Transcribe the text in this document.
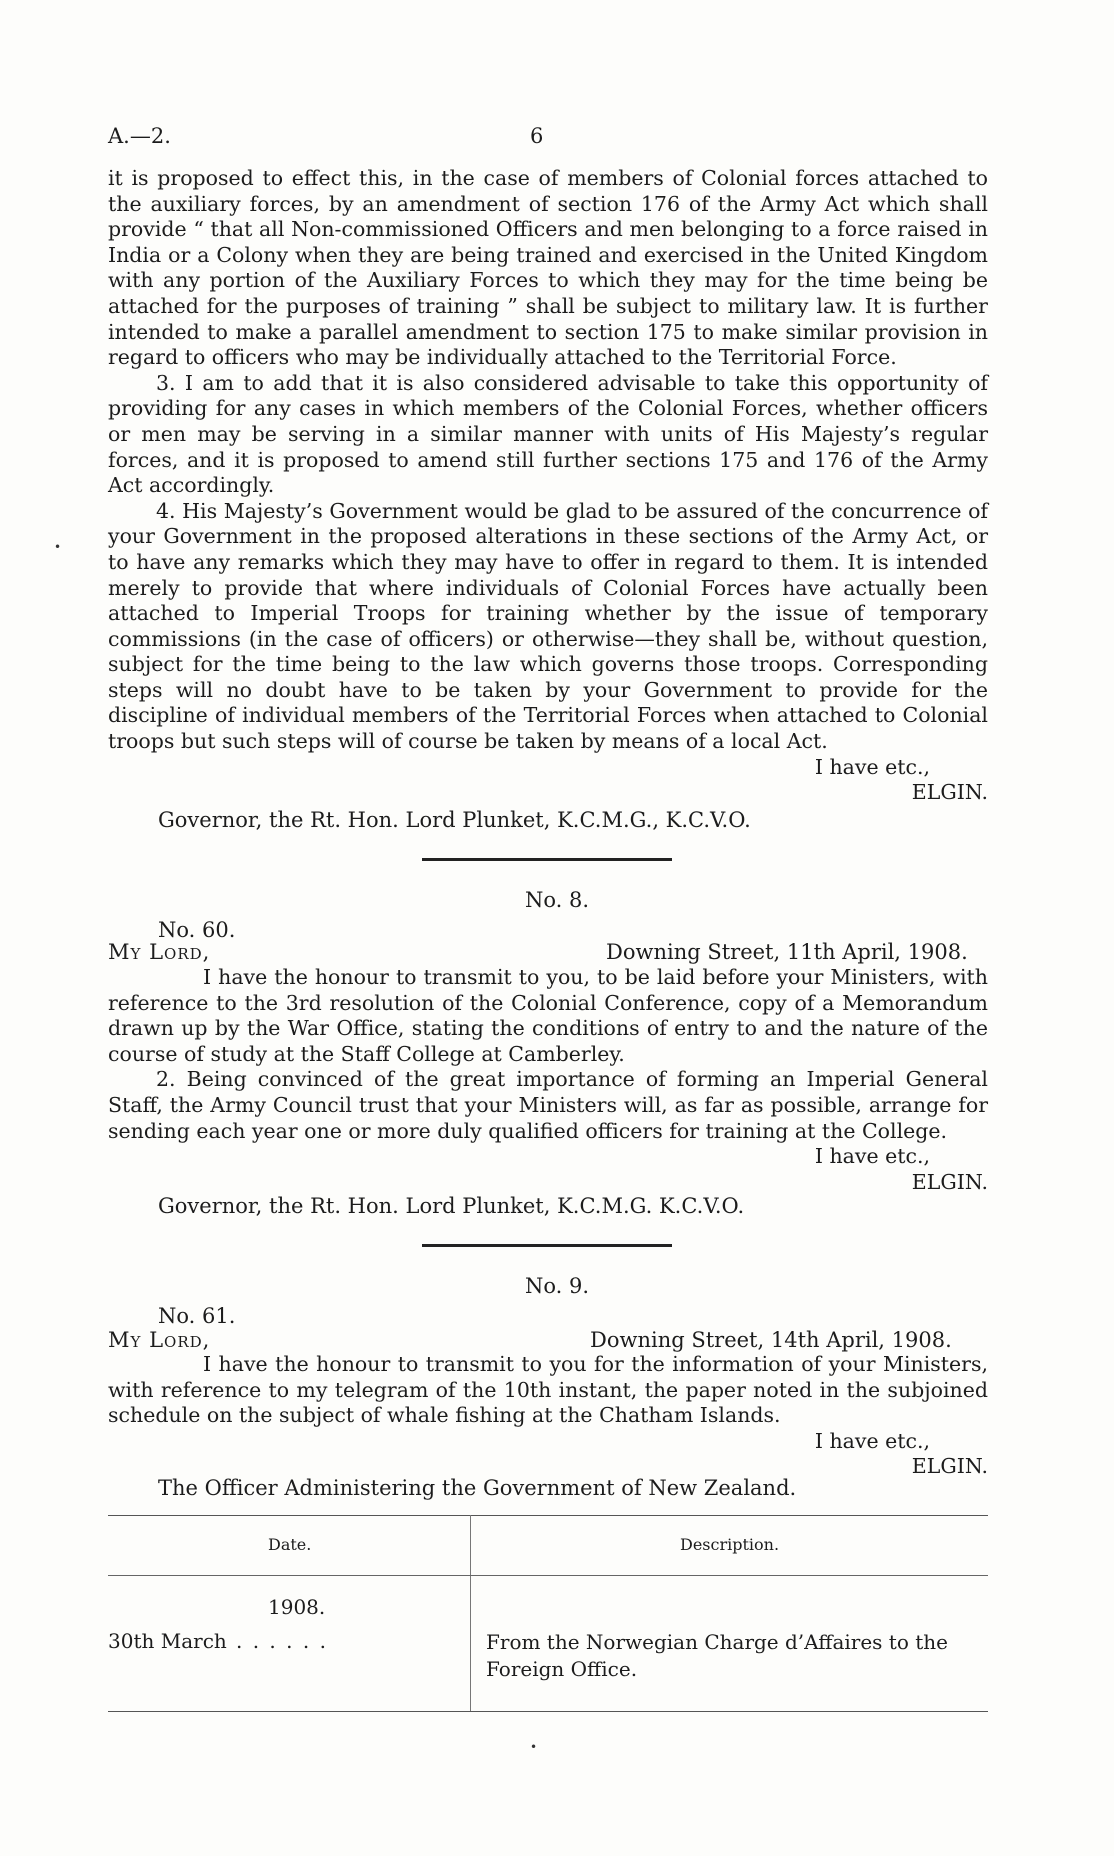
A.—2.	6

it is proposed to effect this, in the case of members of Colonial forces attached to the auxiliary forces, by an amendment of section 176 of the Army Act which shall provide “ that all Non-commissioned Officers and men belonging to a force raised in India or a Colony when they are being trained and exercised in the United Kingdom with any portion of the Auxiliary Forces to which they may for the time being be attached for the purposes of training ” shall be subject to military law. It is further intended to make a parallel amendment to section 175 to make similar provision in regard to officers who may be individually attached to the Territorial Force.

3. I am to add that it is also considered advisable to take this opportunity of providing for any cases in which members of the Colonial Forces, whether officers or men may be serving in a similar manner with units of His Majesty’s regular forces, and it is proposed to amend still further sections 175 and 176 of the Army Act accordingly.

4. His Majesty’s Government would be glad to be assured of the concurrence of your Government in the proposed alterations in these sections of the Army Act, or to have any remarks which they may have to offer in regard to them. It is intended merely to provide that where individuals of Colonial Forces have actually been attached to Imperial Troops for training whether by the issue of temporary commissions (in the case of officers) or otherwise—they shall be, without question, subject for the time being to the law which governs those troops. Corresponding steps will no doubt have to be taken by your Government to provide for the discipline of individual members of the Territorial Forces when attached to Colonial troops but such steps will of course be taken by means of a local Act.

I have etc.,
ELGIN.
Governor, the Rt. Hon. Lord Plunket, K.C.M.G., K.C.V.O.
No. 8.
No. 60.
My Lord,	Downing Street, 11th April, 1908.

I have the honour to transmit to you, to be laid before your Ministers, with reference to the 3rd resolution of the Colonial Conference, copy of a Memorandum drawn up by the War Office, stating the conditions of entry to and the nature of the course of study at the Staff College at Camberley.

2. Being convinced of the great importance of forming an Imperial General Staff, the Army Council trust that your Ministers will, as far as possible, arrange for sending each year one or more duly qualified officers for training at the College.

I have etc.,
ELGIN.
Governor, the Rt. Hon. Lord Plunket, K.C.M.G. K.C.V.O.
No. 9.
No. 61.
My Lord,	Downing Street, 14th April, 1908.

I have the honour to transmit to you for the information of your Ministers, with reference to my telegram of the 10th instant, the paper noted in the subjoined schedule on the subject of whale fishing at the Chatham Islands.

I have etc.,
ELGIN.
The Officer Administering the Government of New Zealand.
Date.	Description.
1908.
30th March . . . . . .	From the Norwegian Charge d’Affaires to the Foreign Office.
•
•
